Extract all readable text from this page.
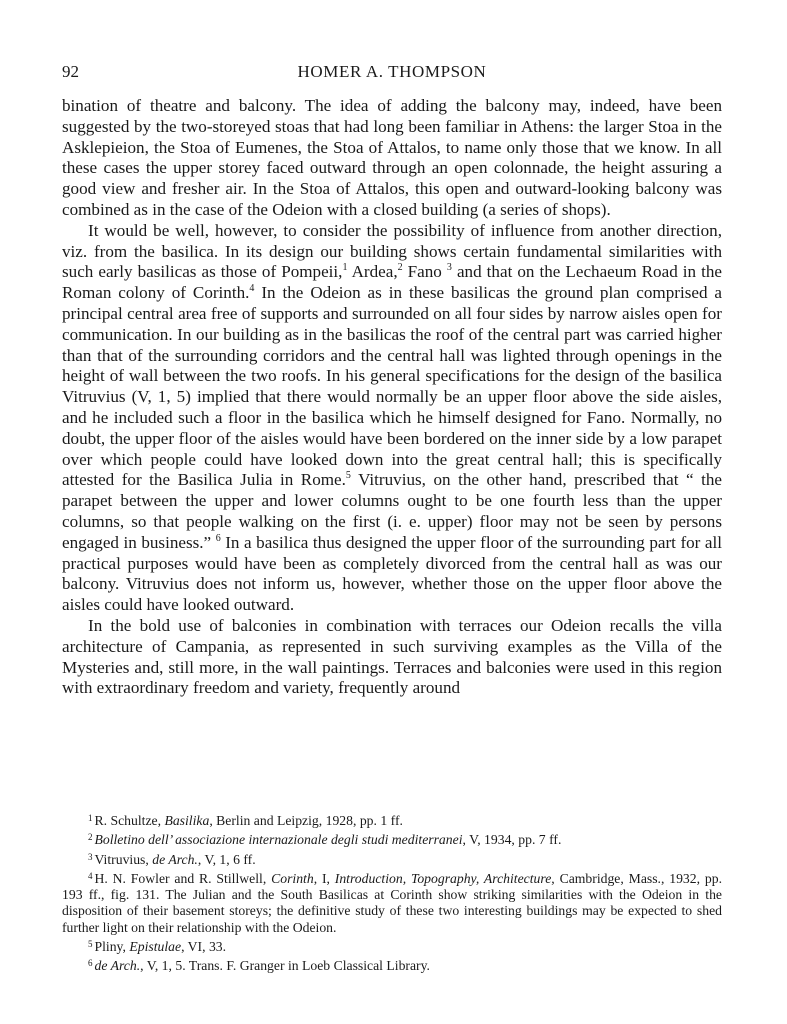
92	HOMER A. THOMPSON

bination of theatre and balcony. The idea of adding the balcony may, indeed, have been suggested by the two-storeyed stoas that had long been familiar in Athens: the larger Stoa in the Asklepieion, the Stoa of Eumenes, the Stoa of Attalos, to name only those that we know. In all these cases the upper storey faced outward through an open colonnade, the height assuring a good view and fresher air. In the Stoa of Attalos, this open and outward-looking balcony was combined as in the case of the Odeion with a closed building (a series of shops).

It would be well, however, to consider the possibility of influence from another direction, viz. from the basilica. In its design our building shows certain fundamental similarities with such early basilicas as those of Pompeii,$^1$ Ardea,$^2$ Fano $^3$ and that on the Lechaeum Road in the Roman colony of Corinth.$^4$ In the Odeion as in these basilicas the ground plan comprised a principal central area free of supports and surrounded on all four sides by narrow aisles open for communication. In our building as in the basilicas the roof of the central part was carried higher than that of the surrounding corridors and the central hall was lighted through openings in the height of wall between the two roofs. In his general specifications for the design of the basilica Vitruvius (V, 1, 5) implied that there would normally be an upper floor above the side aisles, and he included such a floor in the basilica which he himself designed for Fano. Normally, no doubt, the upper floor of the aisles would have been bordered on the inner side by a low parapet over which people could have looked down into the great central hall; this is specifically attested for the Basilica Julia in Rome.$^5$ Vitruvius, on the other hand, prescribed that “ the parapet between the upper and lower columns ought to be one fourth less than the upper columns, so that people walking on the first (i. e. upper) floor may not be seen by persons engaged in business.” $^6$ In a basilica thus designed the upper floor of the surrounding part for all practical purposes would have been as completely divorced from the central hall as was our balcony. Vitruvius does not inform us, however, whether those on the upper floor above the aisles could have looked outward.

In the bold use of balconies in combination with terraces our Odeion recalls the villa architecture of Campania, as represented in such surviving examples as the Villa of the Mysteries and, still more, in the wall paintings. Terraces and balconies were used in this region with extraordinary freedom and variety, frequently around

$^1$ R. Schultze, Basilika, Berlin and Leipzig, 1928, pp. 1 ff.

$^2$ Bolletino dell’ associazione internazionale degli studi mediterranei, V, 1934, pp. 7 ff.

$^3$ Vitruvius, de Arch., V, 1, 6 ff.

$^4$ H. N. Fowler and R. Stillwell, Corinth, I, Introduction, Topography, Architecture, Cambridge, Mass., 1932, pp. 193 ff., fig. 131. The Julian and the South Basilicas at Corinth show striking similarities with the Odeion in the disposition of their basement storeys; the definitive study of these two interesting buildings may be expected to shed further light on their relationship with the Odeion.

$^5$ Pliny, Epistulae, VI, 33.

$^6$ de Arch., V, 1, 5. Trans. F. Granger in Loeb Classical Library.
